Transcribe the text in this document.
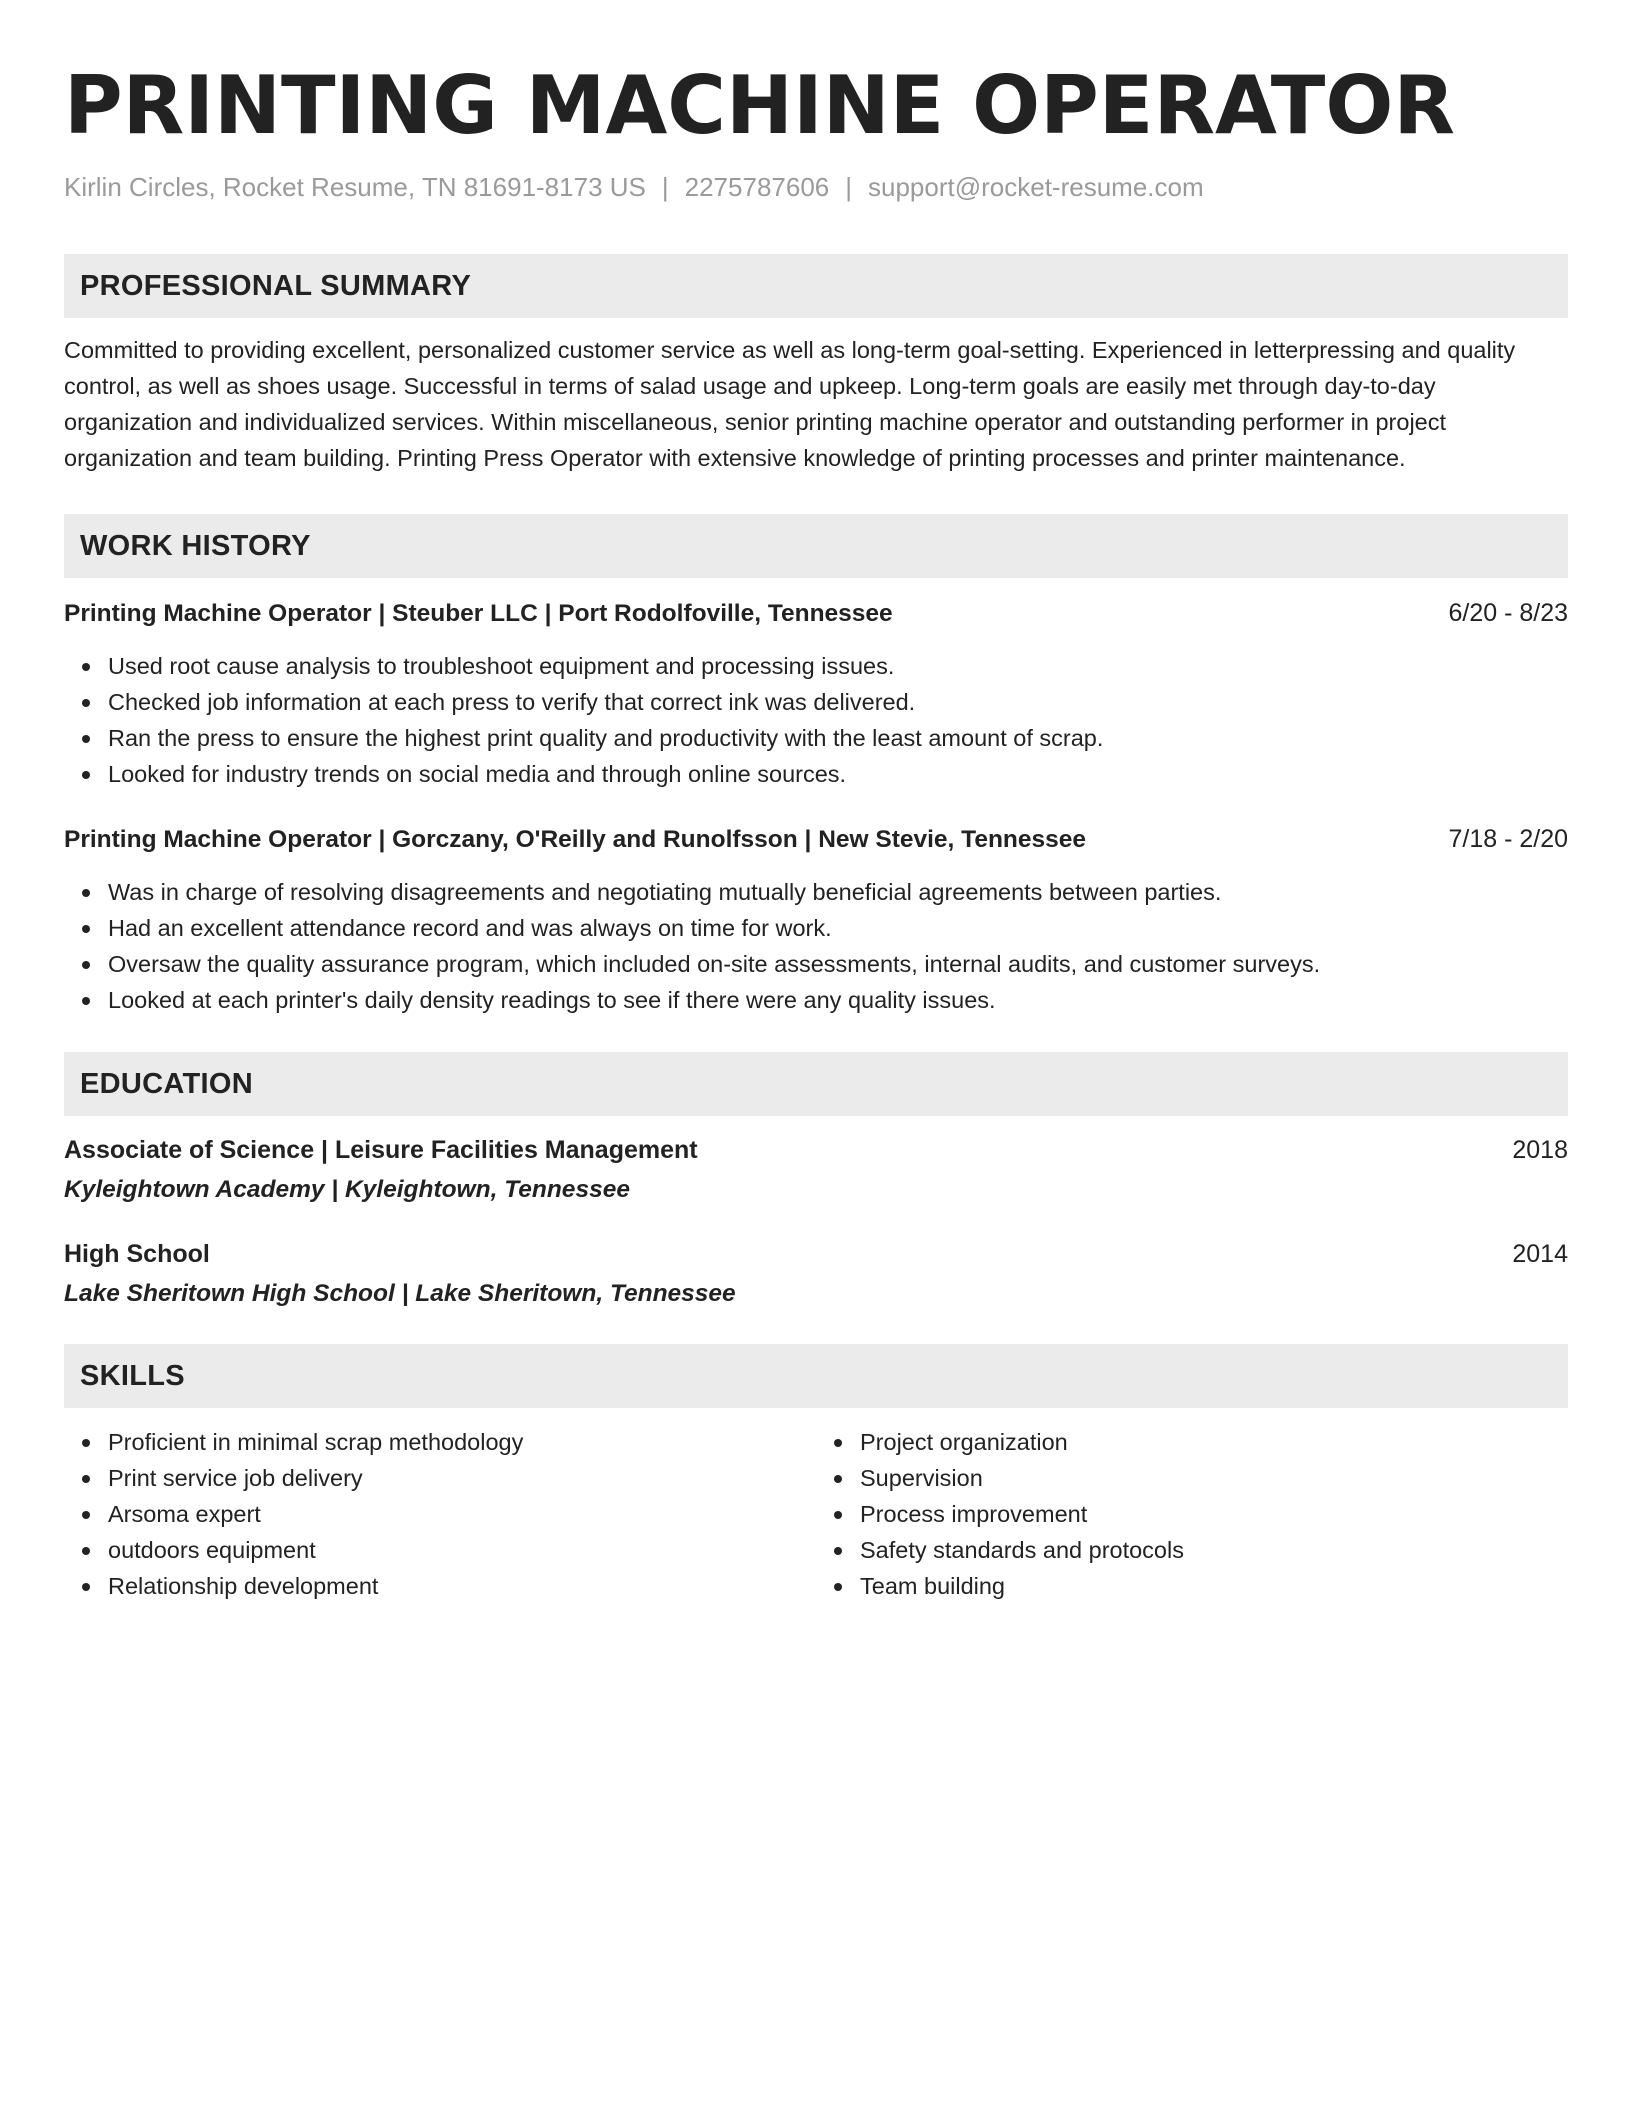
PRINTING MACHINE OPERATOR
Kirlin Circles, Rocket Resume, TN 81691-8173 US | 2275787606 | support@rocket-resume.com
PROFESSIONAL SUMMARY
Committed to providing excellent, personalized customer service as well as long-term goal-setting. Experienced in letterpressing and quality control, as well as shoes usage. Successful in terms of salad usage and upkeep. Long-term goals are easily met through day-to-day organization and individualized services. Within miscellaneous, senior printing machine operator and outstanding performer in project organization and team building. Printing Press Operator with extensive knowledge of printing processes and printer maintenance.
WORK HISTORY
Printing Machine Operator | Steuber LLC | Port Rodolfoville, Tennessee	6/20 - 8/23
Used root cause analysis to troubleshoot equipment and processing issues.
Checked job information at each press to verify that correct ink was delivered.
Ran the press to ensure the highest print quality and productivity with the least amount of scrap.
Looked for industry trends on social media and through online sources.
Printing Machine Operator | Gorczany, O'Reilly and Runolfsson | New Stevie, Tennessee	7/18 - 2/20
Was in charge of resolving disagreements and negotiating mutually beneficial agreements between parties.
Had an excellent attendance record and was always on time for work.
Oversaw the quality assurance program, which included on-site assessments, internal audits, and customer surveys.
Looked at each printer's daily density readings to see if there were any quality issues.
EDUCATION
Associate of Science | Leisure Facilities Management	2018
Kyleightown Academy | Kyleightown, Tennessee
High School	2014
Lake Sheritown High School | Lake Sheritown, Tennessee
SKILLS
Proficient in minimal scrap methodology
Print service job delivery
Arsoma expert
outdoors equipment
Relationship development
Project organization
Supervision
Process improvement
Safety standards and protocols
Team building
